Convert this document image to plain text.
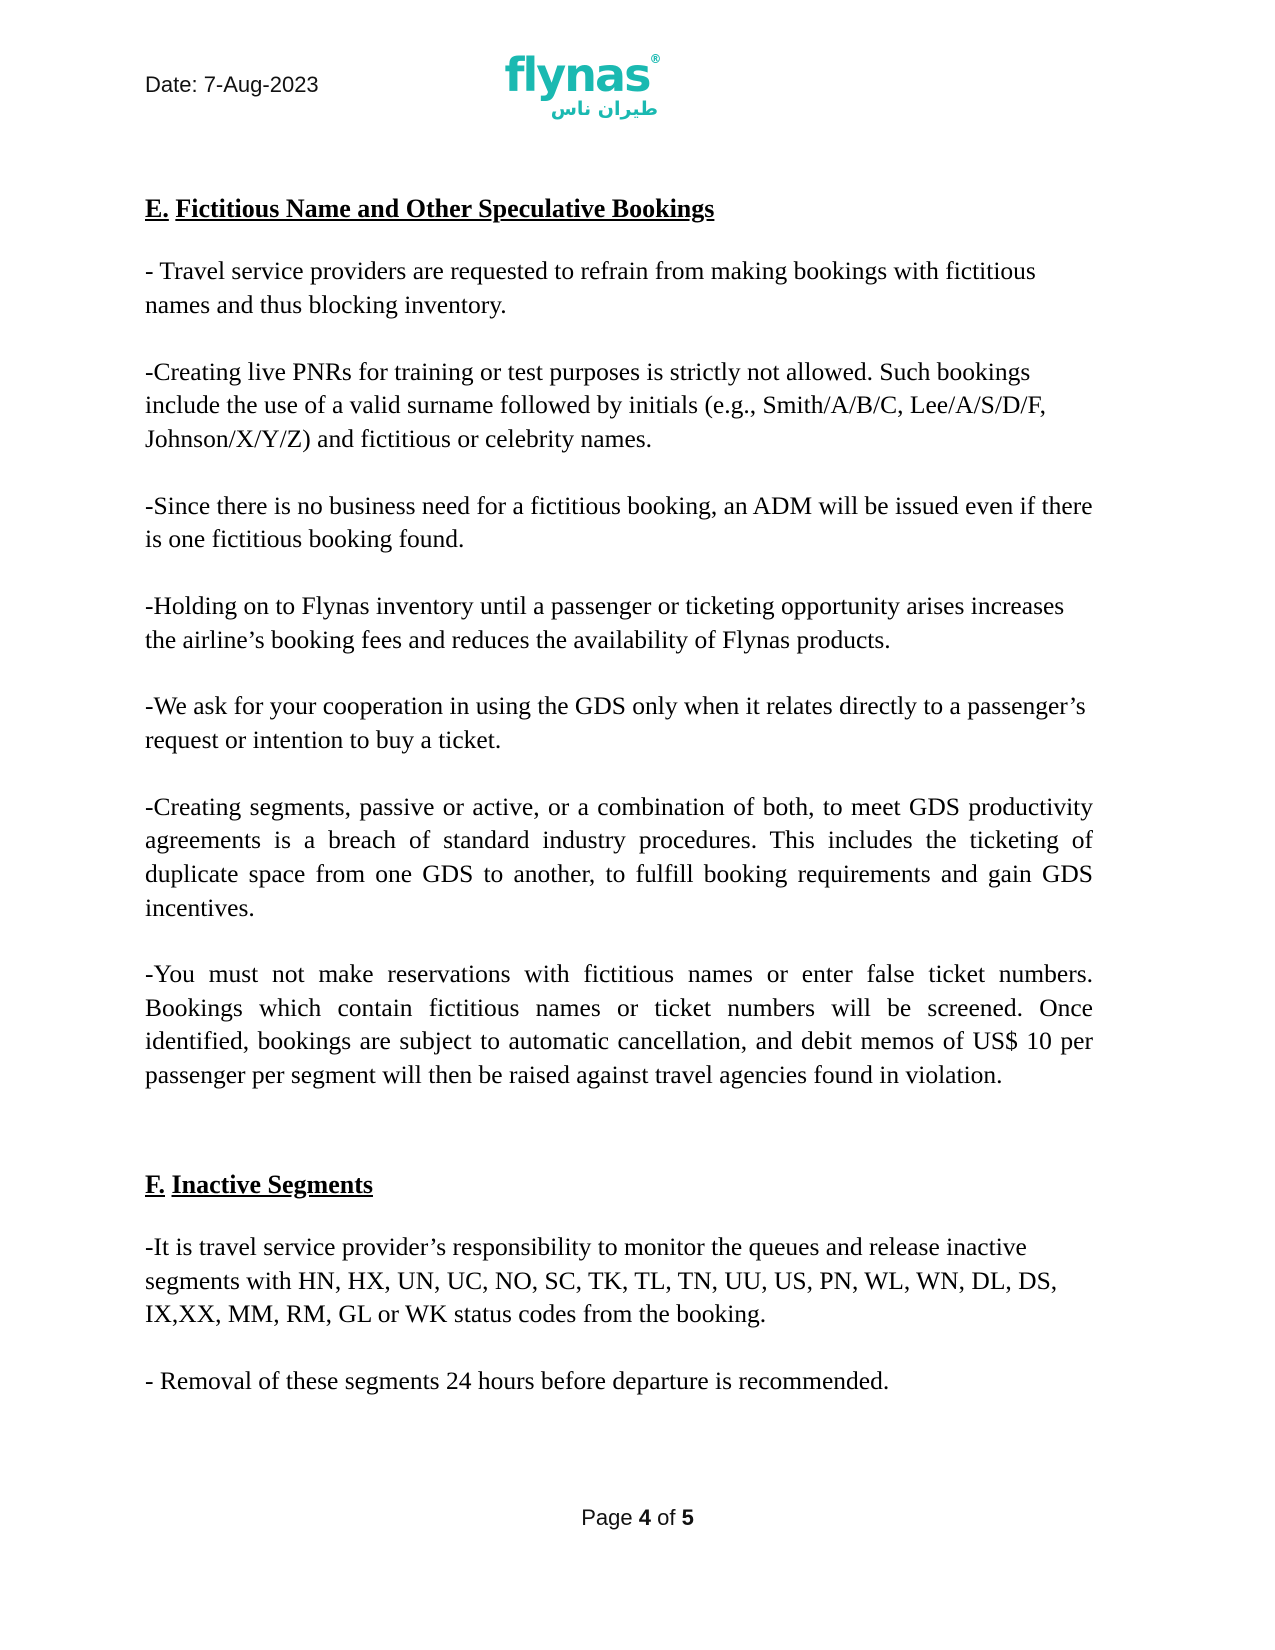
Date: 7-Aug-2023	flynas®
طيران ناس
E. Fictitious Name and Other Speculative Bookings

- Travel service providers are requested to refrain from making bookings with fictitious names and thus blocking inventory.

-Creating live PNRs for training or test purposes is strictly not allowed. Such bookings include the use of a valid surname followed by initials (e.g., Smith/A/B/C, Lee/A/S/D/F, Johnson/X/Y/Z) and fictitious or celebrity names.

-Since there is no business need for a fictitious booking, an ADM will be issued even if there is one fictitious booking found.

-Holding on to Flynas inventory until a passenger or ticketing opportunity arises increases the airline’s booking fees and reduces the availability of Flynas products.

-We ask for your cooperation in using the GDS only when it relates directly to a passenger’s request or intention to buy a ticket.

-Creating segments, passive or active, or a combination of both, to meet GDS productivity agreements is a breach of standard industry procedures. This includes the ticketing of duplicate space from one GDS to another, to fulfill booking requirements and gain GDS incentives.

-You must not make reservations with fictitious names or enter false ticket numbers. Bookings which contain fictitious names or ticket numbers will be screened. Once identified, bookings are subject to automatic cancellation, and debit memos of US$ 10 per passenger per segment will then be raised against travel agencies found in violation.

F. Inactive Segments

-It is travel service provider’s responsibility to monitor the queues and release inactive segments with HN, HX, UN, UC, NO, SC, TK, TL, TN, UU, US, PN, WL, WN, DL, DS, IX,XX, MM, RM, GL or WK status codes from the booking.

- Removal of these segments 24 hours before departure is recommended.

Page 4 of 5
